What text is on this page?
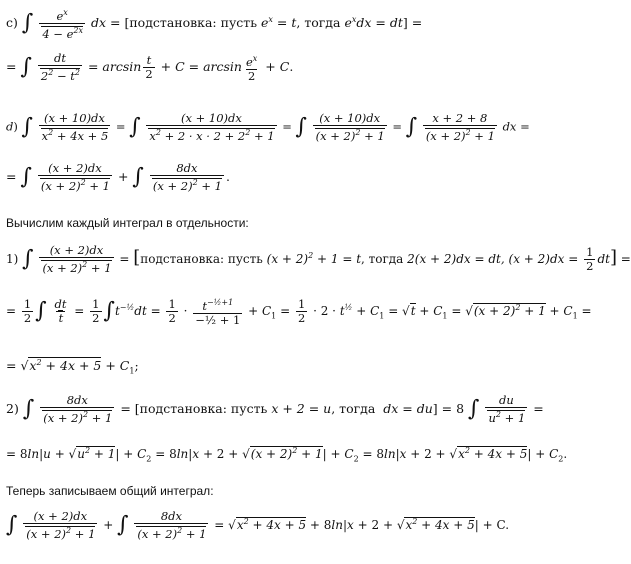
c) ∫ $\frac{e^x}{4 - e^{2x}}$ dx = [подстановка: пусть $e^x = t$, тогда $e^xdx = dt$] =
= ∫ $\frac{dt}{2^2 - t^2} = \arcsin \frac{t}{2} + C = \arcsin \frac{e^x}{2} + C$.
d) ∫ $\frac{(x + 10)dx}{x^2 + 4x + 5}$ = ∫ $\frac{(x + 10)dx}{x^2 + 2 \cdot x \cdot 2 + 2^2 + 1}$ = ∫ $\frac{(x + 10)dx}{(x + 2)^2 + 1}$ = ∫ $\frac{x + 2 + 8}{(x + 2)^2 + 1}$ dx =
= ∫ $\frac{(x + 2)dx}{(x + 2)^2 + 1}$ + ∫ $\frac{8dx}{(x + 2)^2 + 1}$ .
Вычислим каждый интеграл в отдельности:
1) ∫ $\frac{(x + 2)dx}{(x + 2)^2 + 1}$ = [подстановка: пусть $(x + 2)^2 + 1 = t$, тогда 2(x + 2)dx = dt, $(x + 2)dx = \frac{1}{2} dt$] =
= $\frac{1}{2}$ ∫ $\frac{dt}{t} = \frac{1}{2} \int t^{-\frac{1}{2}}dt = \frac{1}{2} \cdot \frac{t^{-\frac{1}{2}+1}}{\text{−½ + 1}} + C_1 = \frac{1}{2} \cdot 2 \cdot t^{\frac{1}{2}} + C_1 = √t + C_1 = √(x + 2)^2 + 1 + C_1$ =
= $√x^2 + 4x + 5 + C_1$;
2) ∫ $\frac{8dx}{(x + 2)^2 + 1}$ = [подстановка: пусть x + 2 = u, тогда  dx = du] = 8 ∫ $\frac{du}{u^2 + 1}$ =
= $8\ln|u + √u^2 + 1| + C_2 = 8\ln|x + 2 + √(x + 2)^2 + 1| + C_2 = 8\ln|x + 2 + √x^2 + 4x + 5| + C_2$.
Теперь записываем общий интеграл:
∫ $\frac{(x + 2)dx}{(x + 2)^2 + 1}$ + ∫ $\frac{8dx}{(x + 2)^2 + 1} = √x^2 + 4x + 5 + 8\ln|x + 2 + √x^2 + 4x + 5| + C$.
